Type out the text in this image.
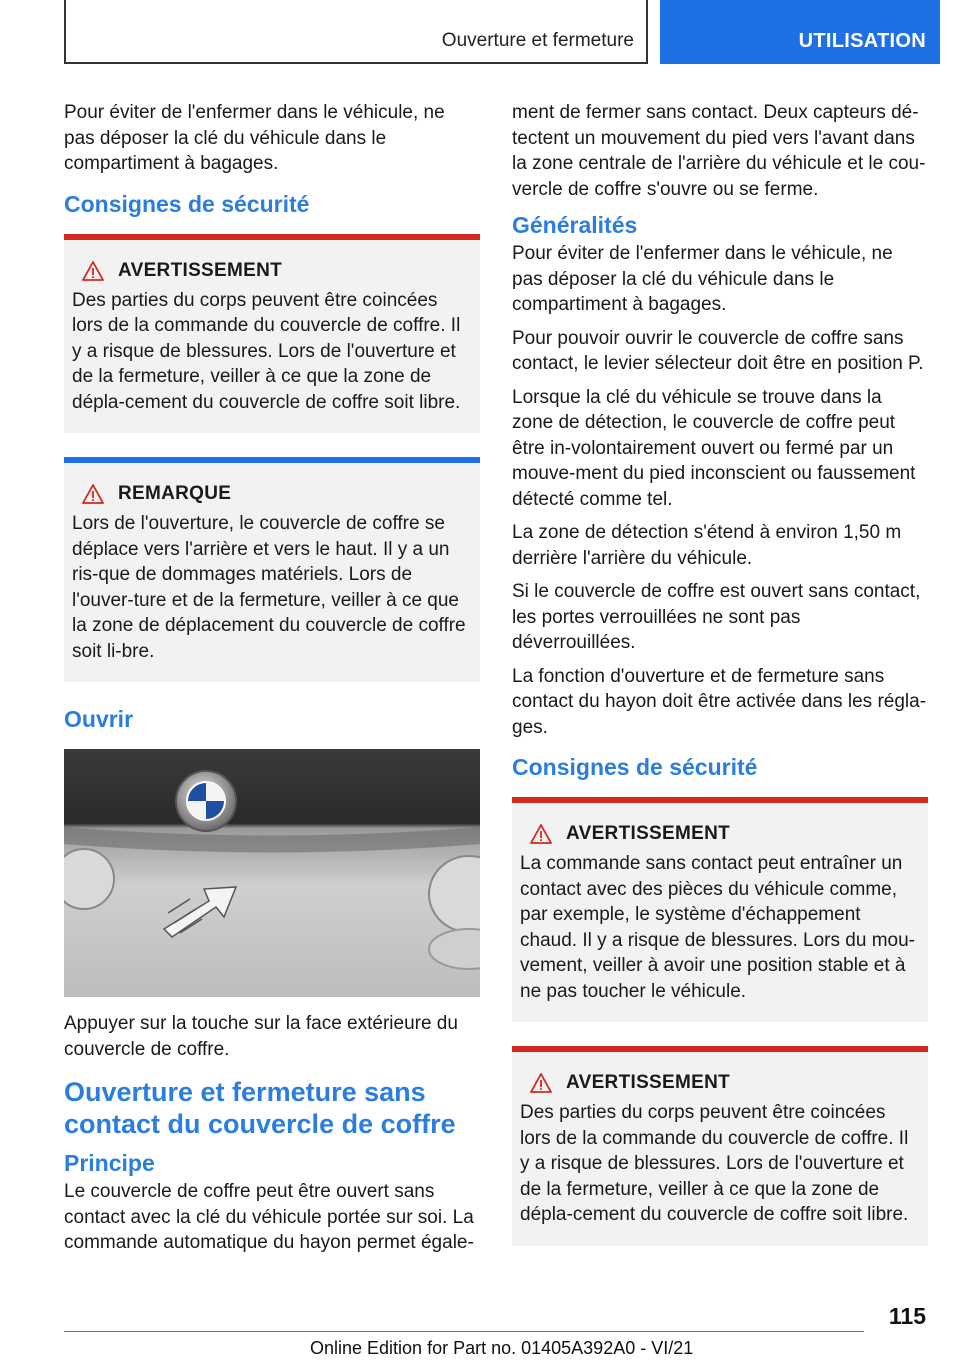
Ouverture et fermeture	UTILISATION

Pour éviter de l'enfermer dans le véhicule, ne pas déposer la clé du véhicule dans le compartiment à bagages.

Consignes de sécurité
AVERTISSEMENT

Des parties du corps peuvent être coincées lors de la commande du couvercle de coffre. Il y a risque de blessures. Lors de l'ouverture et de la fermeture, veiller à ce que la zone de dépla-cement du couvercle de coffre soit libre.

REMARQUE

Lors de l'ouverture, le couvercle de coffre se déplace vers l'arrière et vers le haut. Il y a un ris-que de dommages matériels. Lors de l'ouver-ture et de la fermeture, veiller à ce que la zone de déplacement du couvercle de coffre soit li-bre.

Ouvrir

Appuyer sur la touche sur la face extérieure du couvercle de coffre.

Ouverture et fermeture sans contact du couvercle de coffre
Principe

Le couvercle de coffre peut être ouvert sans contact avec la clé du véhicule portée sur soi. La commande automatique du hayon permet égale-

ment de fermer sans contact. Deux capteurs dé-tectent un mouvement du pied vers l'avant dans la zone centrale de l'arrière du véhicule et le cou-vercle de coffre s'ouvre ou se ferme.

Généralités

Pour éviter de l'enfermer dans le véhicule, ne pas déposer la clé du véhicule dans le compartiment à bagages.

Pour pouvoir ouvrir le couvercle de coffre sans contact, le levier sélecteur doit être en position P.

Lorsque la clé du véhicule se trouve dans la zone de détection, le couvercle de coffre peut être in-volontairement ouvert ou fermé par un mouve-ment du pied inconscient ou faussement détecté comme tel.

La zone de détection s'étend à environ 1,50 m derrière l'arrière du véhicule.

Si le couvercle de coffre est ouvert sans contact, les portes verrouillées ne sont pas déverrouillées.

La fonction d'ouverture et de fermeture sans contact du hayon doit être activée dans les régla-ges.

Consignes de sécurité
AVERTISSEMENT

La commande sans contact peut entraîner un contact avec des pièces du véhicule comme, par exemple, le système d'échappement chaud. Il y a risque de blessures. Lors du mou-vement, veiller à avoir une position stable et à ne pas toucher le véhicule.

AVERTISSEMENT

Des parties du corps peuvent être coincées lors de la commande du couvercle de coffre. Il y a risque de blessures. Lors de l'ouverture et de la fermeture, veiller à ce que la zone de dépla-cement du couvercle de coffre soit libre.

115
Online Edition for Part no. 01405A392A0 - VI/21
